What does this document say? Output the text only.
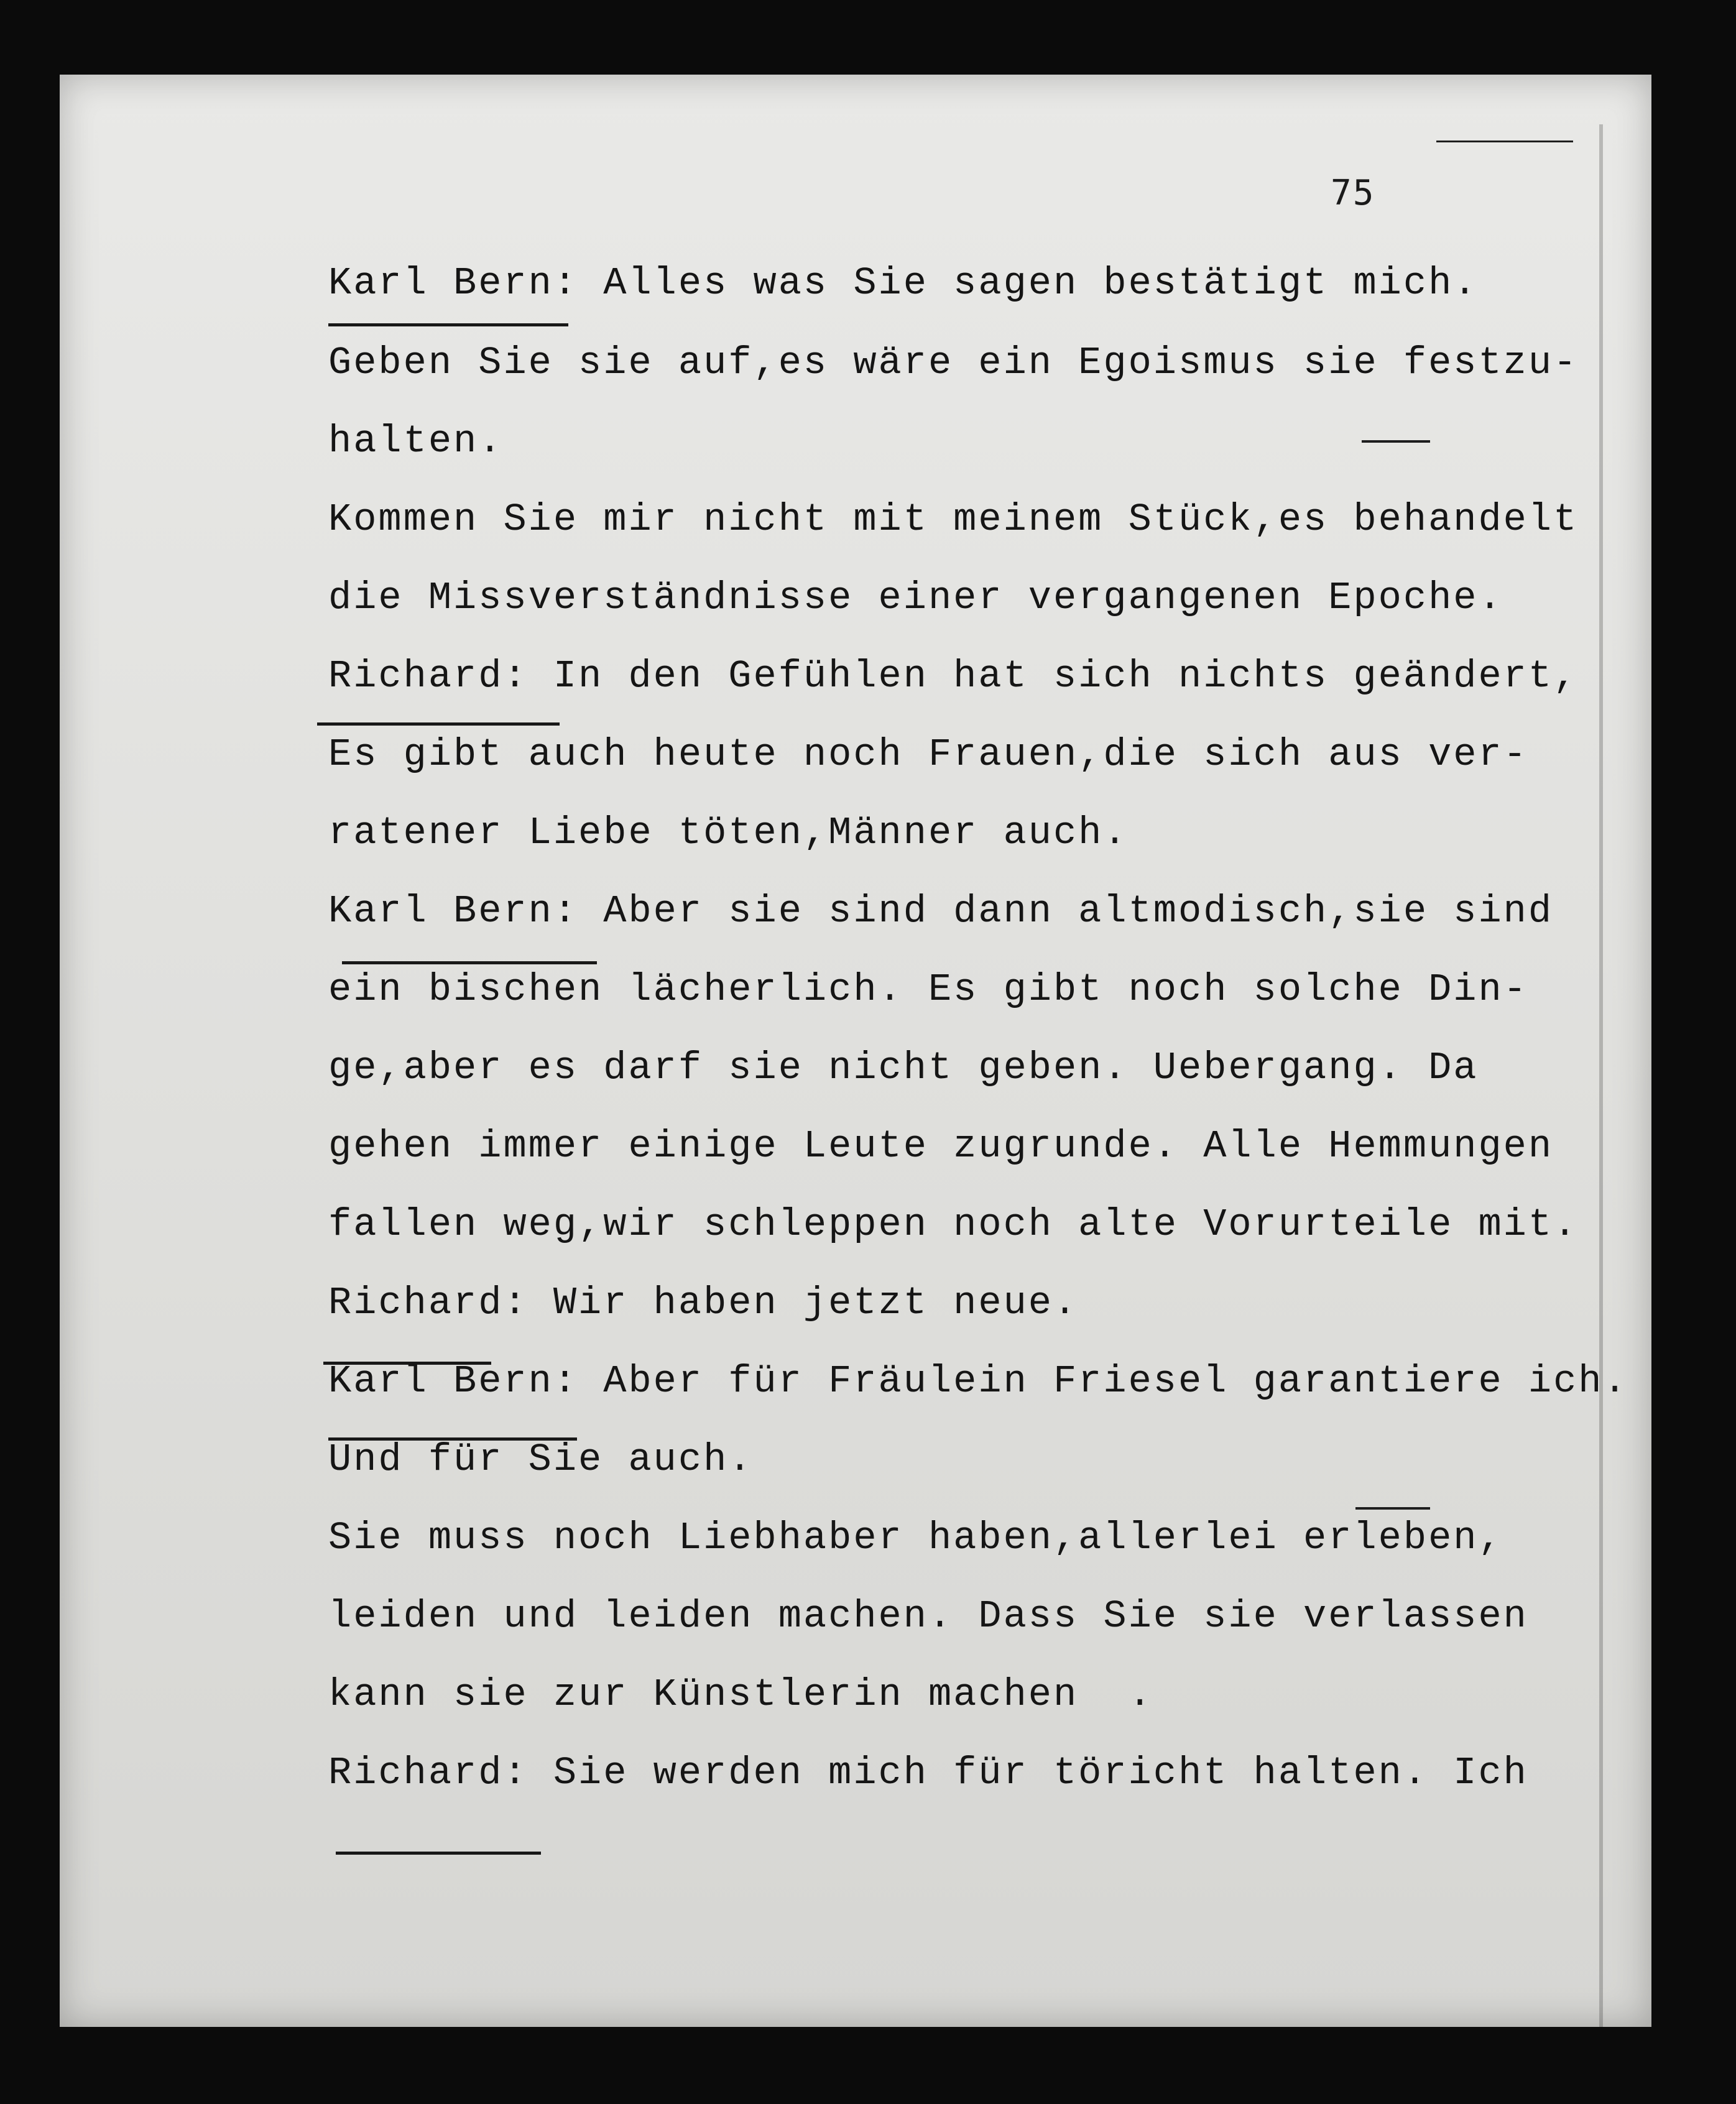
75
Karl Bern: Alles was Sie sagen bestätigt mich.
Geben Sie sie auf,es wäre ein Egoismus sie festzu-
halten.
Kommen Sie mir nicht mit meinem Stück,es behandelt
die Missverständnisse einer vergangenen Epoche.
Richard: In den Gefühlen hat sich nichts geändert,
Es gibt auch heute noch Frauen,die sich aus ver-
ratener Liebe töten,Männer auch.
Karl Bern: Aber sie sind dann altmodisch,sie sind
ein bischen lächerlich. Es gibt noch solche Din-
ge,aber es darf sie nicht geben. Uebergang. Da
gehen immer einige Leute zugrunde. Alle Hemmungen
fallen weg,wir schleppen noch alte Vorurteile mit.
Richard: Wir haben jetzt neue.
Karl Bern: Aber für Fräulein Friesel garantiere ich.
Und für Sie auch.
Sie muss noch Liebhaber haben,allerlei erleben,
leiden und leiden machen. Dass Sie sie verlassen
kann sie zur Künstlerin machen  .
Richard: Sie werden mich für töricht halten. Ich
